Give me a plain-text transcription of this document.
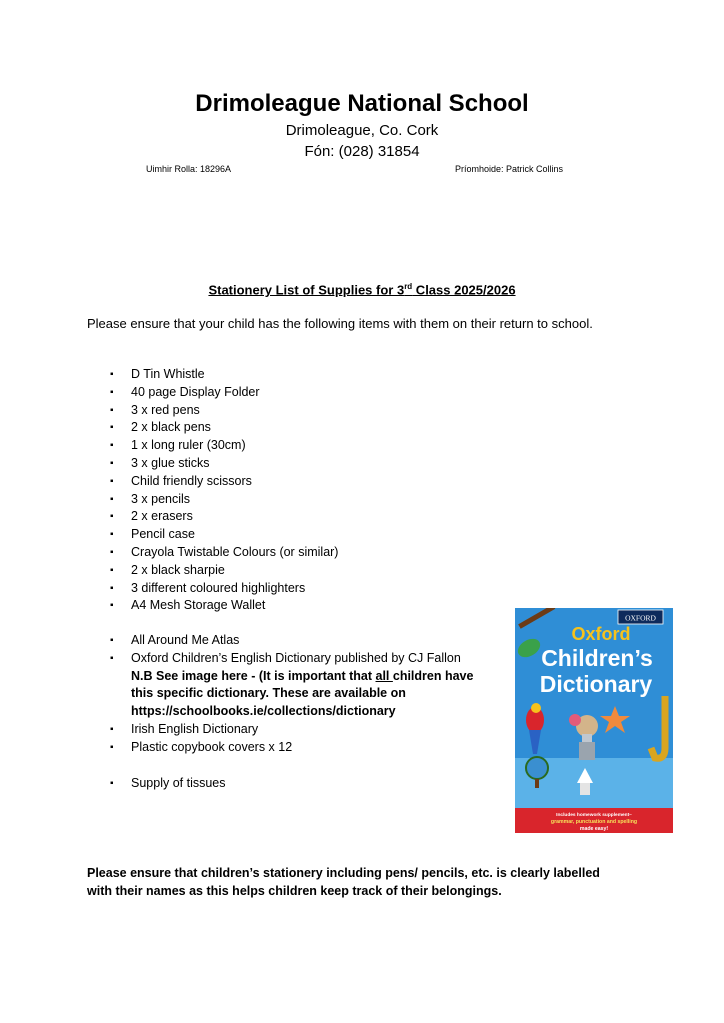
Drimoleague National School
Drimoleague, Co. Cork
Fón: (028) 31854
Uimhir Rolla: 18296A	Príomhoide: Patrick Collins
Stationery List of Supplies for 3rd Class 2025/2026
Please ensure that your child has the following items with them on their return to school.
▪ D Tin Whistle
▪ 40 page Display Folder
▪ 3 x red pens
▪ 2 x black pens
▪ 1 x long ruler (30cm)
▪ 3 x glue sticks
▪ Child friendly scissors
▪ 3 x pencils
▪ 2 x erasers
▪ Pencil case
▪ Crayola Twistable Colours (or similar)
▪ 2 x black sharpie
▪ 3 different coloured highlighters
▪ A4 Mesh Storage Wallet
▪ All Around Me Atlas
▪ Oxford Children’s English Dictionary published by CJ Fallon
N.B See image here - (It is important that all children have
this specific dictionary. These are available on
https://schoolbooks.ie/collections/dictionary
▪ Irish English Dictionary
▪ Plastic copybook covers x 12
▪ Supply of tissues
OXFORD
Oxford
Children’s
Dictionary
Includes homework supplement–
grammar, punctuation and spelling
made easy!
Please ensure that children’s stationery including pens/ pencils, etc. is clearly labelled with their names as this helps children keep track of their belongings.
